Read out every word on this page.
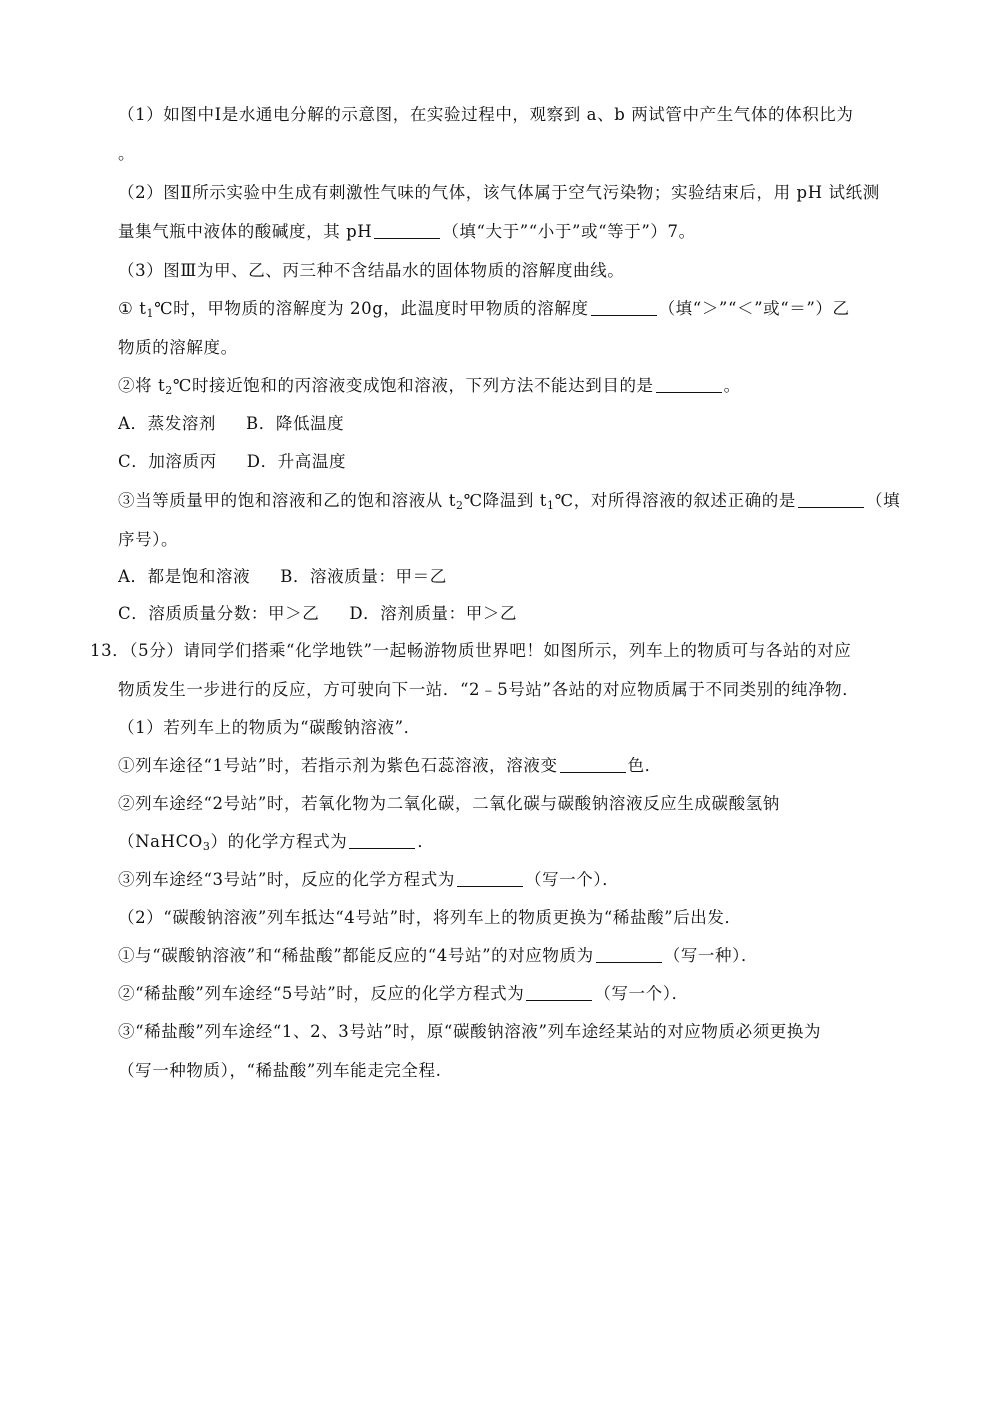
（1）如图中Ⅰ是水通电分解的示意图，在实验过程中，观察到 a、b 两试管中产生气体的体积比为
。
（2）图Ⅱ所示实验中生成有刺激性气味的气体，该气体属于空气污染物；实验结束后，用 pH 试纸测
量集气瓶中液体的酸碱度，其 pH	（填“大于”“小于”或“等于”）7。
（3）图Ⅲ为甲、乙、丙三种不含结晶水的固体物质的溶解度曲线。
① $t_1℃$时，甲物质的溶解度为 20g，此温度时甲物质的溶解度	（填“＞”“＜”或“＝”）乙
物质的溶解度。
②将 $t_2℃$时接近饱和的丙溶液变成饱和溶液，下列方法不能达到目的是	。
A．蒸发溶剂 B．降低温度
C．加溶质丙 D．升高温度
③当等质量甲的饱和溶液和乙的饱和溶液从 $t_2℃$降温到 $t_1℃$，对所得溶液的叙述正确的是	（填
序号）。
A．都是饱和溶液 B．溶液质量：甲＝乙
C．溶质质量分数：甲＞乙 D．溶剂质量：甲＞乙
13．（5分）请同学们搭乘“化学地铁”一起畅游物质世界吧！如图所示，列车上的物质可与各站的对应
物质发生一步进行的反应，方可驶向下一站．“2﹣5号站”各站的对应物质属于不同类别的纯净物．
（1）若列车上的物质为“碳酸钠溶液”．
①列车途径“1号站”时，若指示剂为紫色石蕊溶液，溶液变	色．
②列车途经“2号站”时，若氧化物为二氧化碳，二氧化碳与碳酸钠溶液反应生成碳酸氢钠
（NaHCO$_3$）的化学方程式为	．
③列车途经“3号站”时，反应的化学方程式为	（写一个）．
（2）“碳酸钠溶液”列车抵达“4号站”时，将列车上的物质更换为“稀盐酸”后出发．
①与“碳酸钠溶液”和“稀盐酸”都能反应的“4号站”的对应物质为	（写一种）．
②“稀盐酸”列车途经“5号站”时，反应的化学方程式为	（写一个）．
③“稀盐酸”列车途经“1、2、3号站”时，原“碳酸钠溶液”列车途经某站的对应物质必须更换为
（写一种物质），“稀盐酸”列车能走完全程.
